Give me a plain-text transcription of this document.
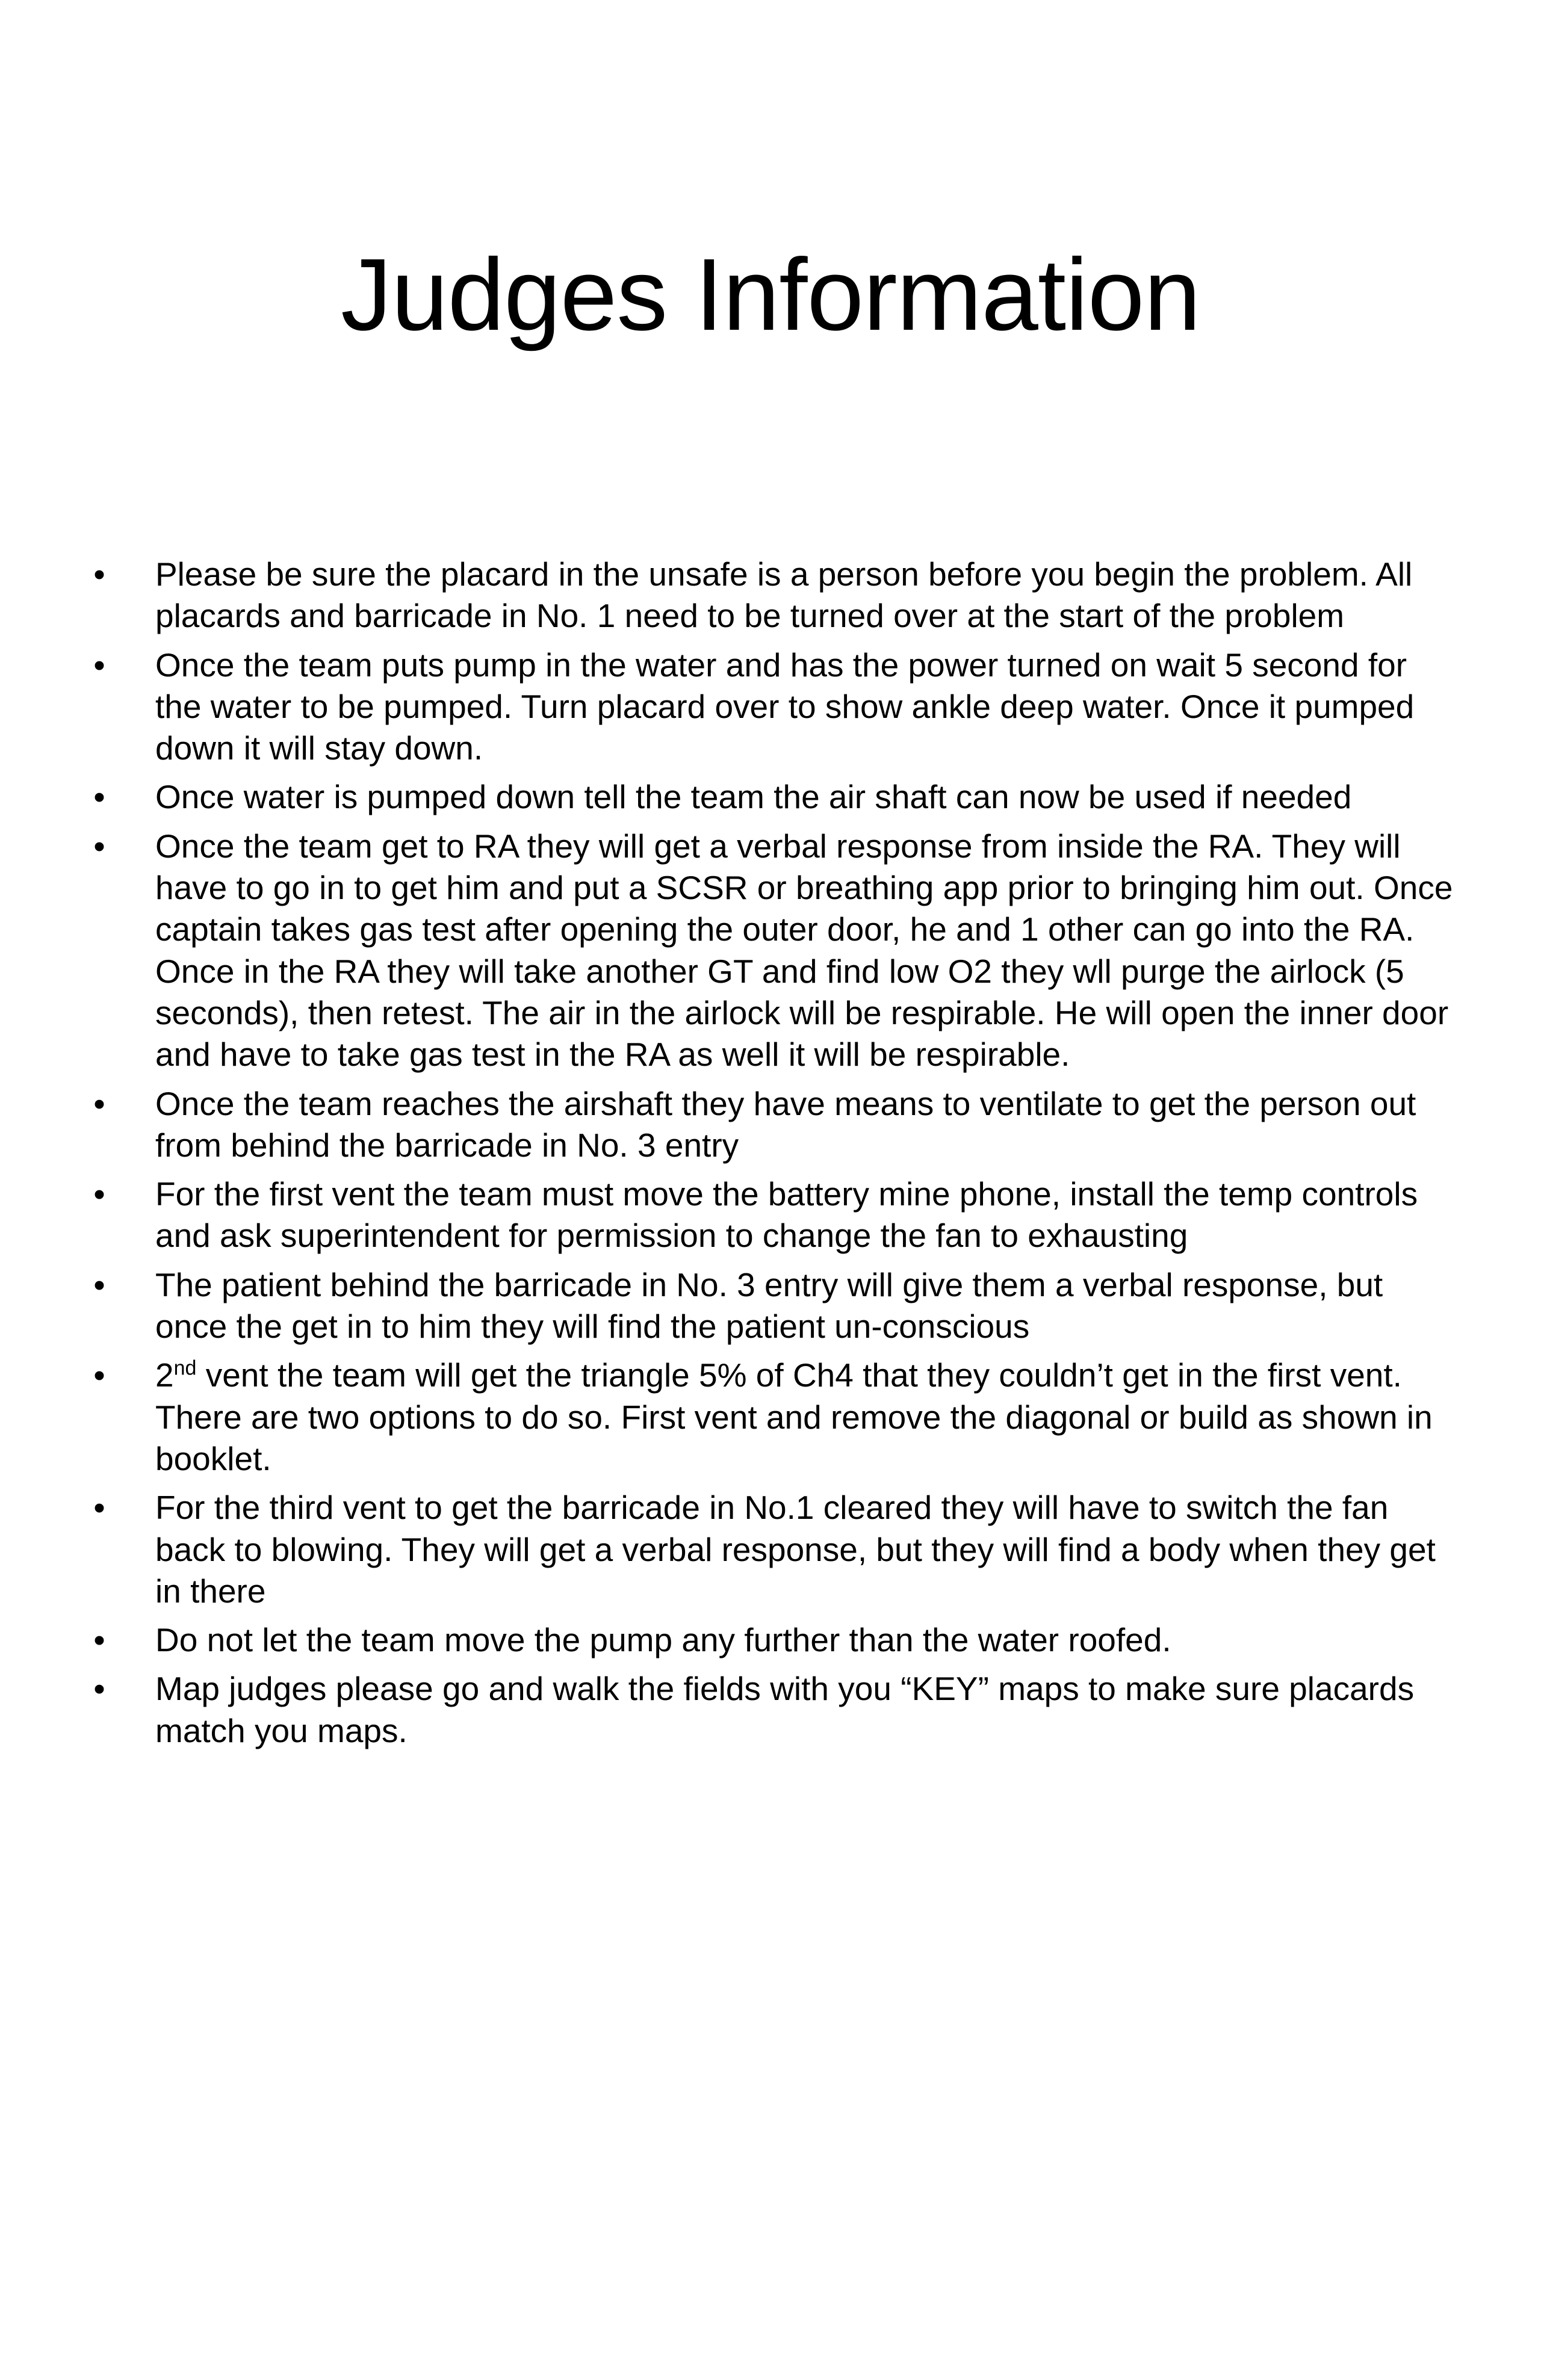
Judges Information
• Please be sure the placard in the unsafe is a person before you begin the problem. All placards and barricade in No. 1 need to be turned over at the start of the problem
• Once the team puts pump in the water and has the power turned on wait 5 second for the water to be pumped. Turn placard over to show ankle deep water. Once it pumped down it will stay down.
• Once water is pumped down tell the team the air shaft can now be used if needed
• Once the team get to RA they will get a verbal response from inside the RA. They will have to go in to get him and put a SCSR or breathing app prior to bringing him out. Once captain takes gas test after opening the outer door, he and 1 other can go into the RA. Once in the RA they will take another GT and find low O2 they wll purge the airlock (5 seconds), then retest. The air in the airlock will be respirable. He will open the inner door and have to take gas test in the RA as well it will be respirable.
• Once the team reaches the airshaft they have means to ventilate to get the person out from behind the barricade in No. 3 entry
• For the first vent the team must move the battery mine phone, install the temp controls and ask superintendent for permission to change the fan to exhausting
• The patient behind the barricade in No. 3 entry will give them a verbal response, but once the get in to him they will find the patient un-conscious
• 2nd vent the team will get the triangle 5% of Ch4 that they couldn’t get in the first vent. There are two options to do so. First vent and remove the diagonal or build as shown in booklet.
• For the third vent to get the barricade in No.1 cleared they will have to switch the fan back to blowing. They will get a verbal response, but they will find a body when they get in there
• Do not let the team move the pump any further than the water roofed.
• Map judges please go and walk the fields with you “KEY” maps to make sure placards match you maps.
